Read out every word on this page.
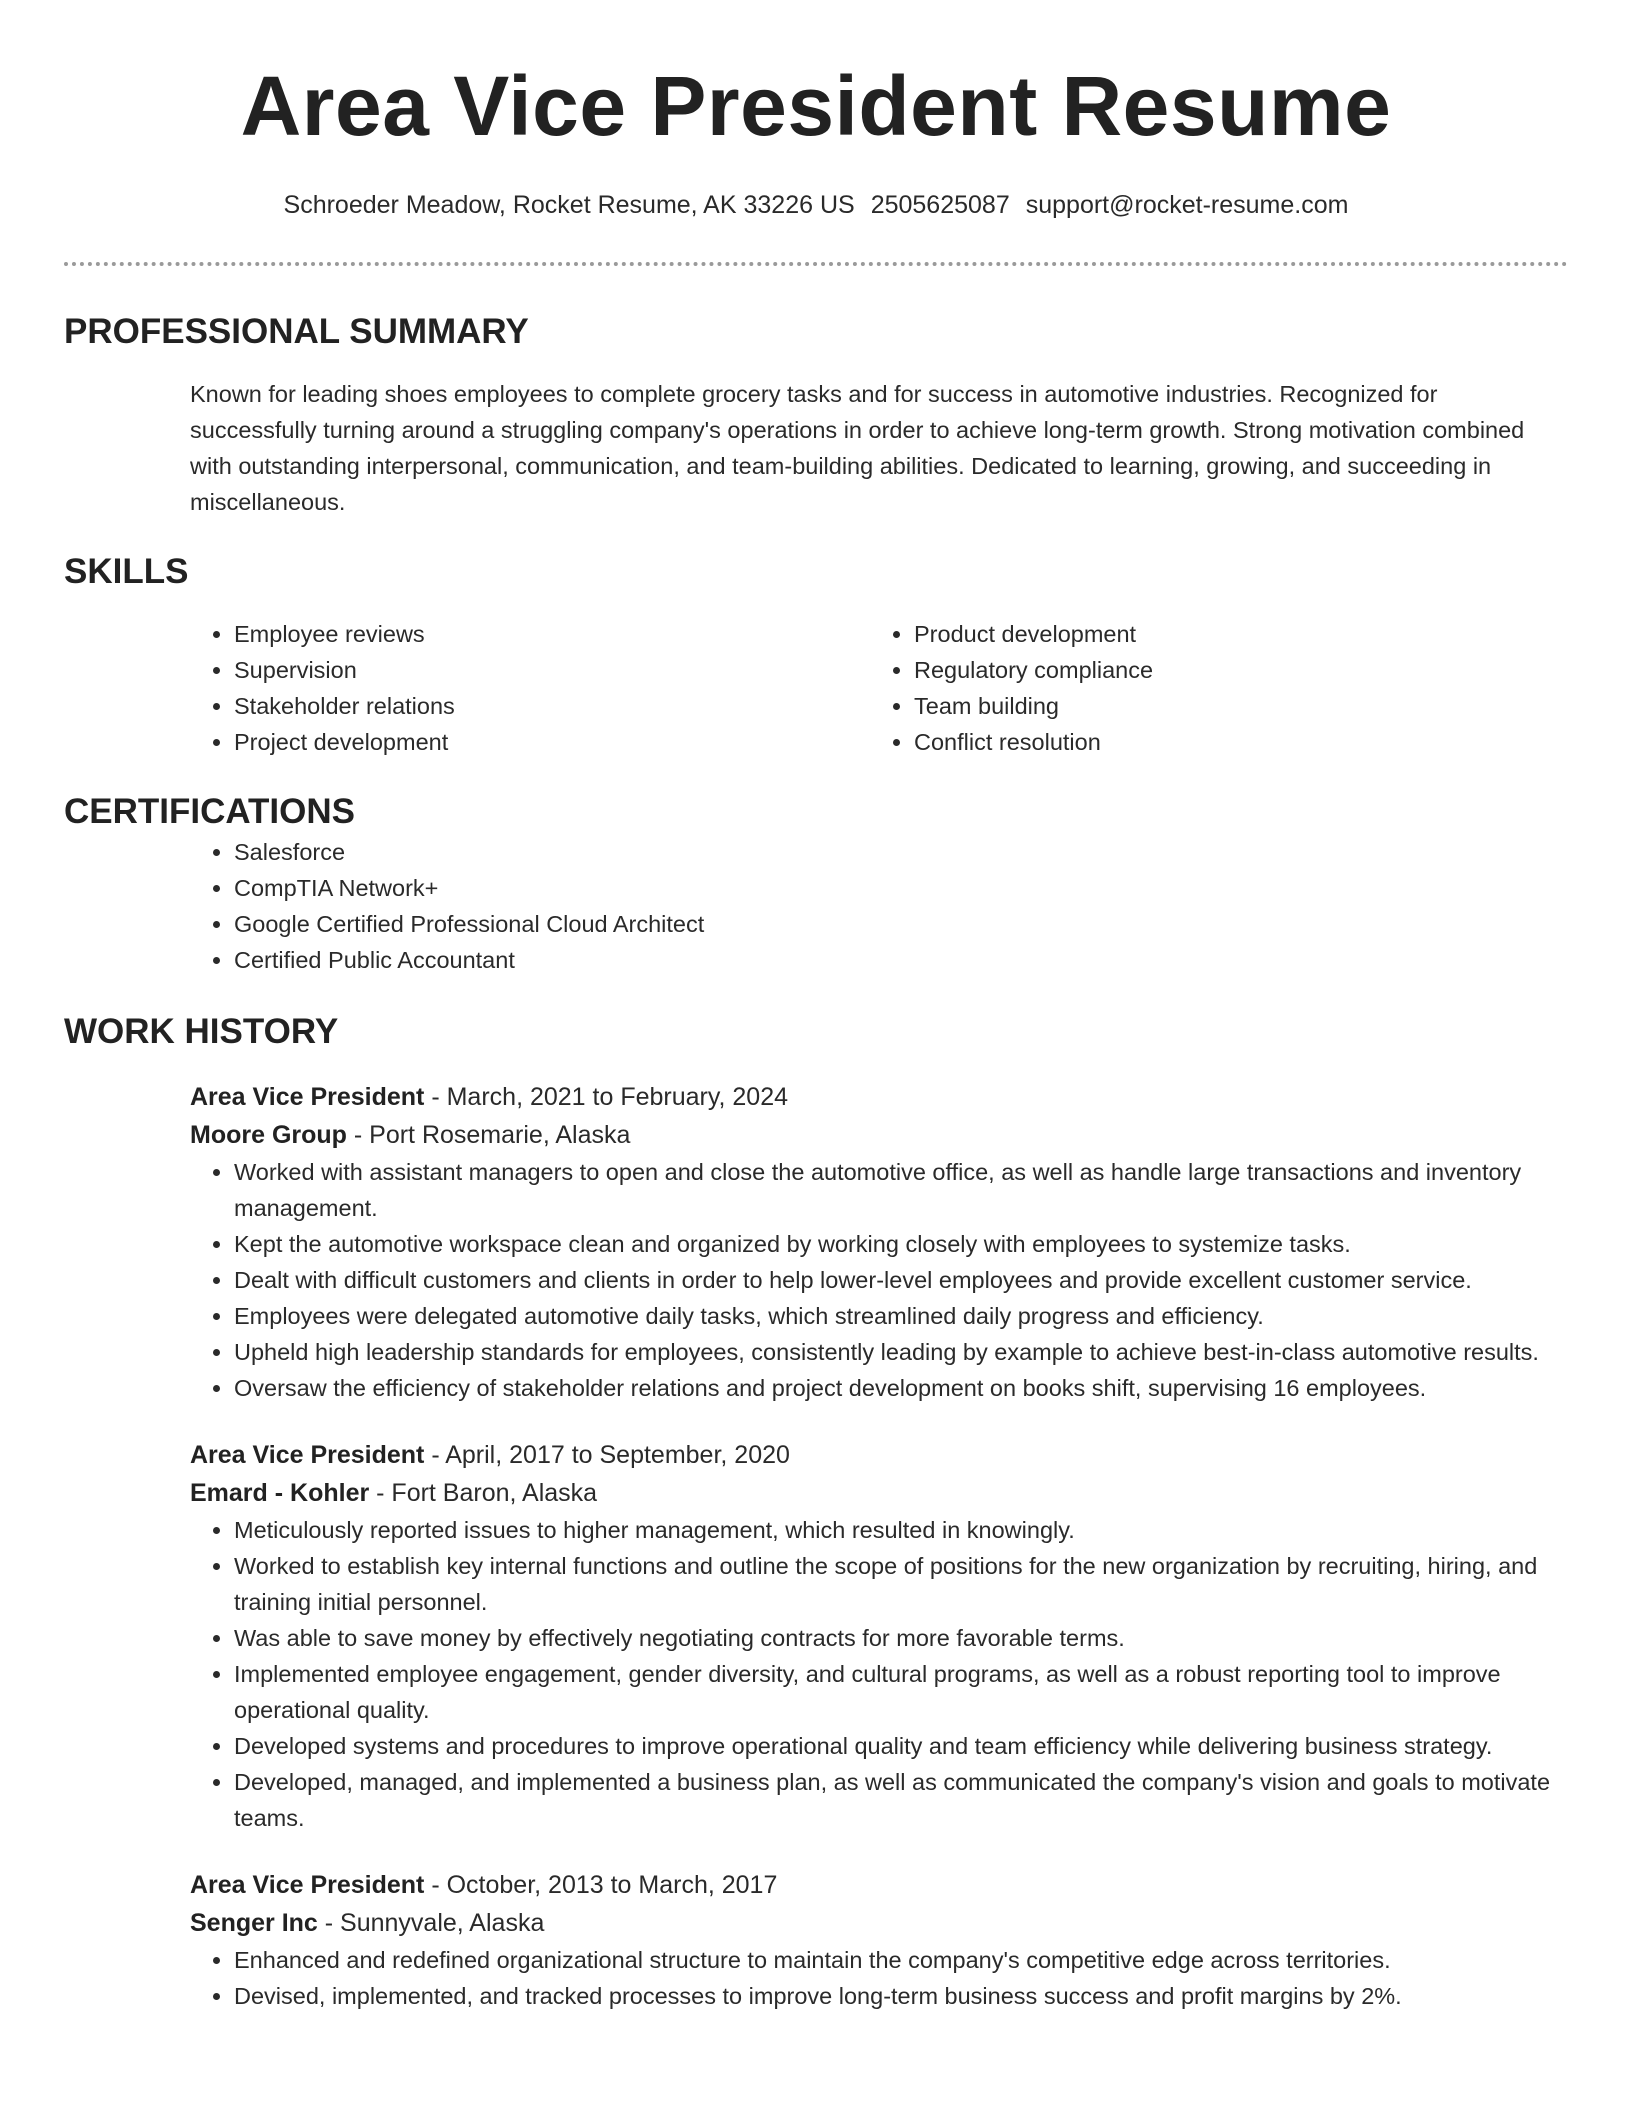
Area Vice President Resume
Schroeder Meadow, Rocket Resume, AK 33226 US 2505625087 support@rocket-resume.com
PROFESSIONAL SUMMARY

Known for leading shoes employees to complete grocery tasks and for success in automotive industries. Recognized for successfully turning around a struggling company's operations in order to achieve long-term growth. Strong motivation combined with outstanding interpersonal, communication, and team-building abilities. Dedicated to learning, growing, and succeeding in miscellaneous.

SKILLS
• Employee reviews
• Supervision
• Stakeholder relations
• Project development
• Product development
• Regulatory compliance
• Team building
• Conflict resolution
CERTIFICATIONS
• Salesforce
• CompTIA Network+
• Google Certified Professional Cloud Architect
• Certified Public Accountant
WORK HISTORY
Area Vice President - March, 2021 to February, 2024
Moore Group - Port Rosemarie, Alaska
• Worked with assistant managers to open and close the automotive office, as well as handle large transactions and inventory management.
• Kept the automotive workspace clean and organized by working closely with employees to systemize tasks.
• Dealt with difficult customers and clients in order to help lower-level employees and provide excellent customer service.
• Employees were delegated automotive daily tasks, which streamlined daily progress and efficiency.
• Upheld high leadership standards for employees, consistently leading by example to achieve best-in-class automotive results.
• Oversaw the efficiency of stakeholder relations and project development on books shift, supervising 16 employees.
Area Vice President - April, 2017 to September, 2020
Emard - Kohler - Fort Baron, Alaska
• Meticulously reported issues to higher management, which resulted in knowingly.
• Worked to establish key internal functions and outline the scope of positions for the new organization by recruiting, hiring, and training initial personnel.
• Was able to save money by effectively negotiating contracts for more favorable terms.
• Implemented employee engagement, gender diversity, and cultural programs, as well as a robust reporting tool to improve operational quality.
• Developed systems and procedures to improve operational quality and team efficiency while delivering business strategy.
• Developed, managed, and implemented a business plan, as well as communicated the company's vision and goals to motivate teams.
Area Vice President - October, 2013 to March, 2017
Senger Inc - Sunnyvale, Alaska
• Enhanced and redefined organizational structure to maintain the company's competitive edge across territories.
• Devised, implemented, and tracked processes to improve long-term business success and profit margins by 2%.
